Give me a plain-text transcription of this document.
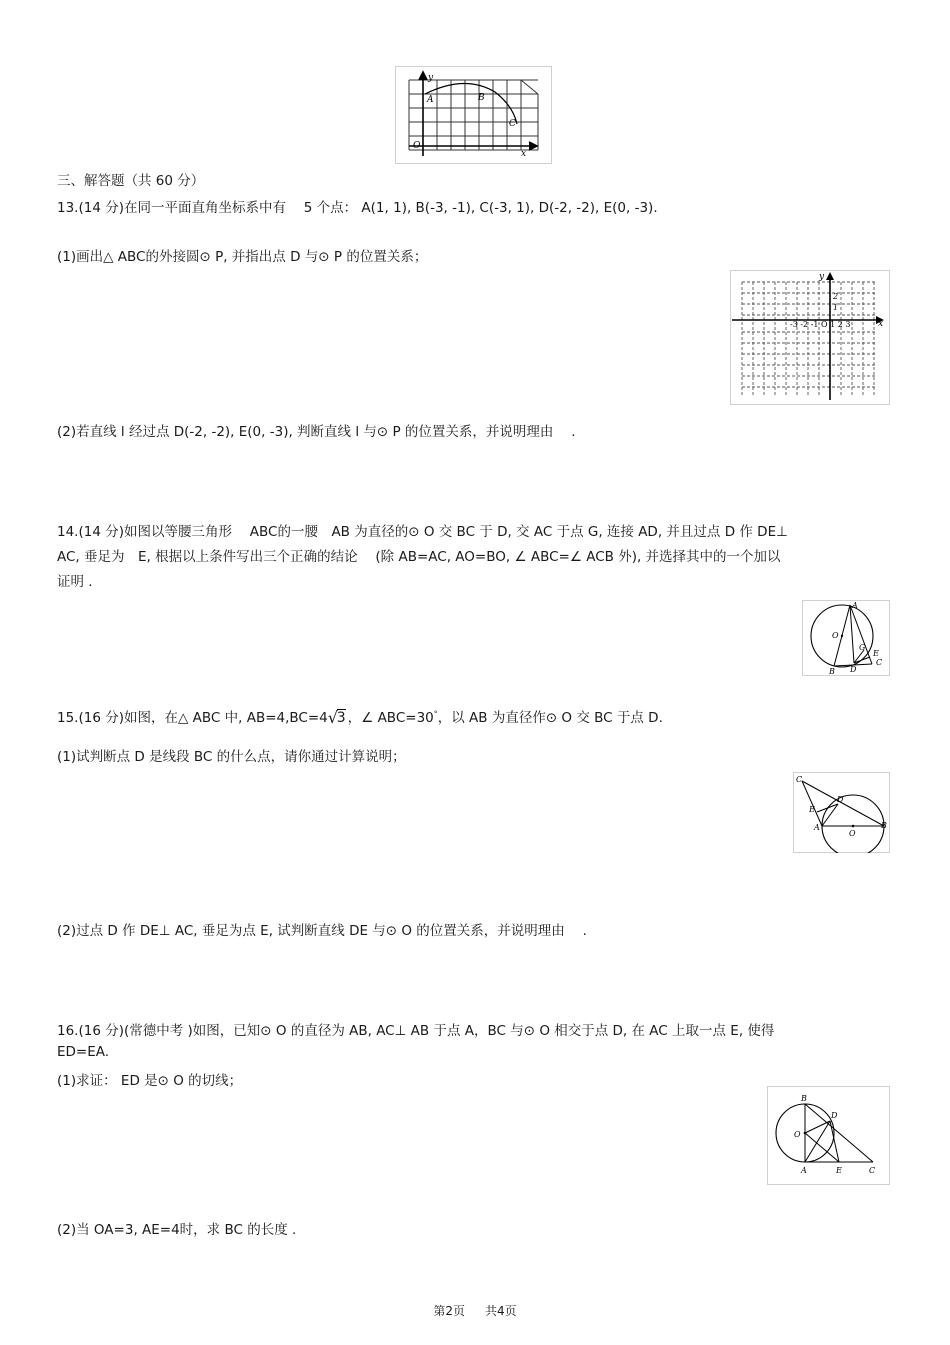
y
A	B
C
O
x
三、解答题（共 60 分）
13.(14 分)在同一平面直角坐标系中有　 5 个点： A(1, 1), B(-3, -1), C(-3, 1), D(-2, -2), E(0, -3).
(1)画出△ ABC的外接圆⊙ P, 并指出点 D 与⊙ P 的位置关系；
y
x
2
1
-3 -2 -1 O 1 2 3
(2)若直线 l 经过点 D(-2, -2), E(0, -3), 判断直线 l 与⊙ P 的位置关系，并说明理由　 .
14.(14 分)如图以等腰三角形　 ABC的一腰　AB 为直径的⊙ O 交 BC 于 D, 交 AC 于点 G, 连接 AD, 并且过点 D 作 DE⊥
AC, 垂足为　E, 根据以上条件写出三个正确的结论　 (除 AB=AC, AO=BO, ∠ ABC=∠ ACB 外), 并选择其中的一个加以
证明 .
A
O
G
E
C
B D
15.(16 分)如图，在△ ABC 中, AB=4,BC=4 √
3 ，∠ ABC=30°，以 AB 为直径作⊙ O 交 BC 于点 D.
(1)试判断点 D 是线段 BC 的什么点，请你通过计算说明；
C
E
D
A
O
B
(2)过点 D 作 DE⊥ AC, 垂足为点 E, 试判断直线 DE 与⊙ O 的位置关系，并说明理由　 .
16.(16 分)(常德中考 )如图，已知⊙ O 的直径为 AB, AC⊥ AB 于点 A，BC 与⊙ O 相交于点 D, 在 AC 上取一点 E, 使得
ED=EA.
(1)求证： ED 是⊙ O 的切线；
B
D
O
A	E	C
(2)当 OA=3, AE=4时，求 BC 的长度 .
第2页 共4页
